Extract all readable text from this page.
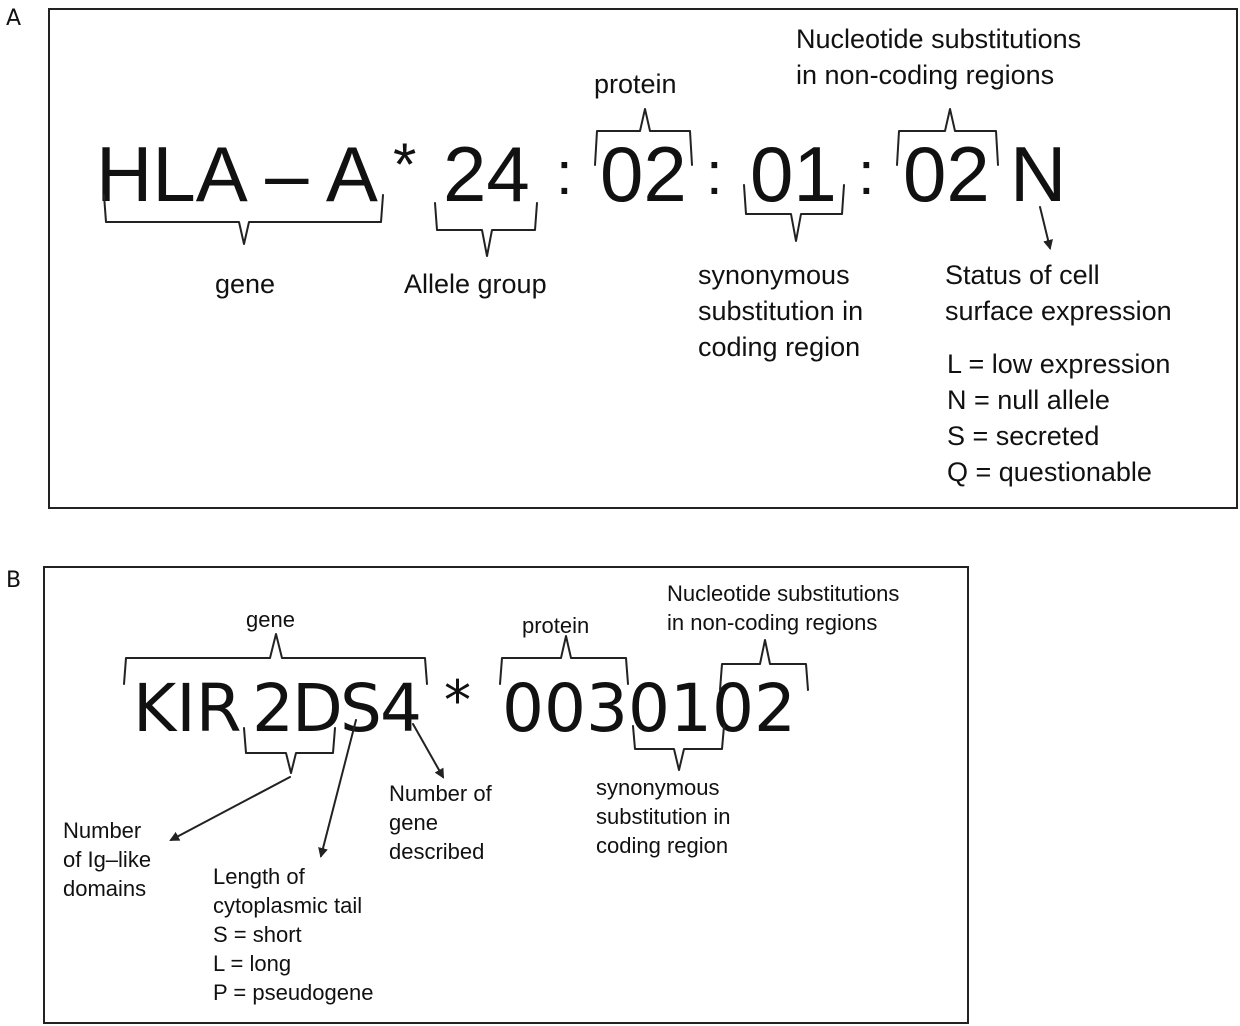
A
HLA – A * 24 : 02 : 01 : 02 N
gene	Allele group
protein
Nucleotide substitutions
in non-coding regions
synonymous
substitution in
coding region
Status of cell
surface expression
L = low expression
N = null allele
S = secreted
Q = questionable
B
KIR 2
D
S
4 * 0030102
gene	protein
Nucleotide substitutions
in non-coding regions
synonymous
substitution in
coding region
Number
of Ig–like
domains	Length of
cytoplasmic tail
S = short
L = long
P = pseudogene
Number of
gene
described
